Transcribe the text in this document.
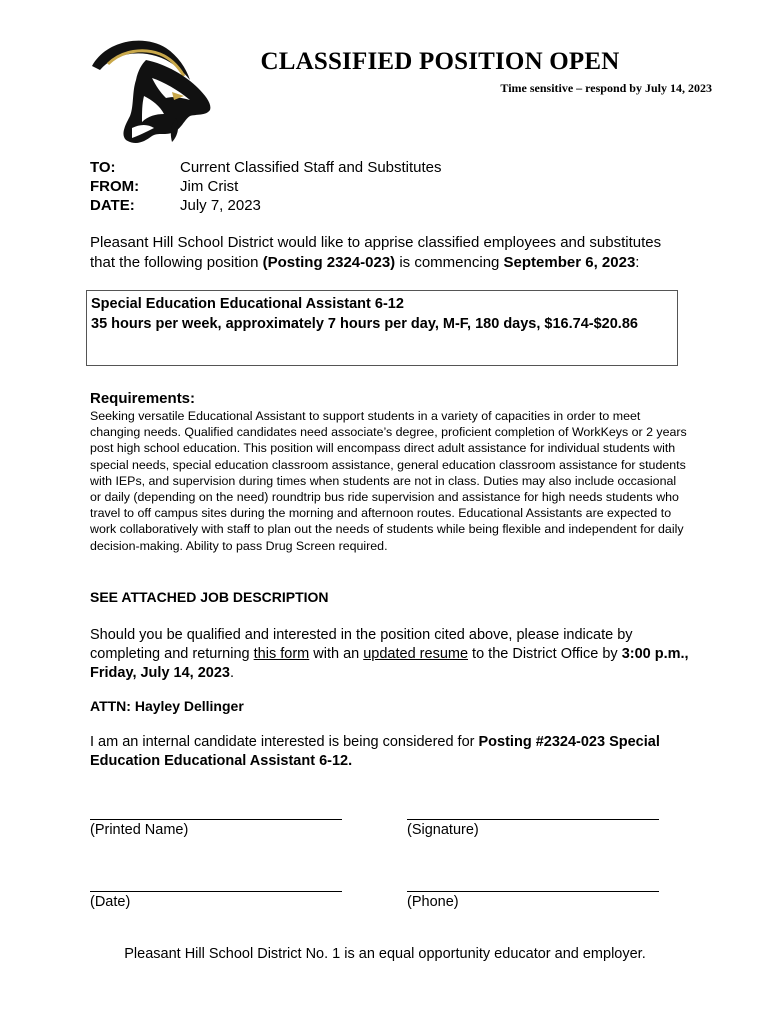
CLASSIFIED POSITION OPEN
Time sensitive – respond by July 14, 2023
TO:	Current Classified Staff and Substitutes
FROM:	Jim Crist
DATE:	July 7, 2023
Pleasant Hill School District would like to apprise classified employees and substitutes that the following position (Posting 2324-023) is commencing September 6, 2023:
Special Education Educational Assistant 6-12
35 hours per week, approximately 7 hours per day, M-F, 180 days, $16.74-$20.86
Requirements:
Seeking versatile Educational Assistant to support students in a variety of capacities in order to meet changing needs. Qualified candidates need associate’s degree, proficient completion of WorkKeys or 2 years post high school education. This position will encompass direct adult assistance for individual students with special needs, special education classroom assistance, general education classroom assistance for students with IEPs, and supervision during times when students are not in class. Duties may also include occasional or daily (depending on the need) roundtrip bus ride supervision and assistance for high needs students who travel to off campus sites during the morning and afternoon routes. Educational Assistants are expected to work collaboratively with staff to plan out the needs of students while being flexible and independent for daily decision-making. Ability to pass Drug Screen required.
SEE ATTACHED JOB DESCRIPTION
Should you be qualified and interested in the position cited above, please indicate by completing and returning this form with an updated resume to the District Office by 3:00 p.m., Friday, July 14, 2023.
ATTN: Hayley Dellinger
I am an internal candidate interested is being considered for Posting #2324-023 Special Education Educational Assistant 6-12.
(Printed Name)	(Signature)
(Date)	(Phone)
Pleasant Hill School District No. 1 is an equal opportunity educator and employer.
